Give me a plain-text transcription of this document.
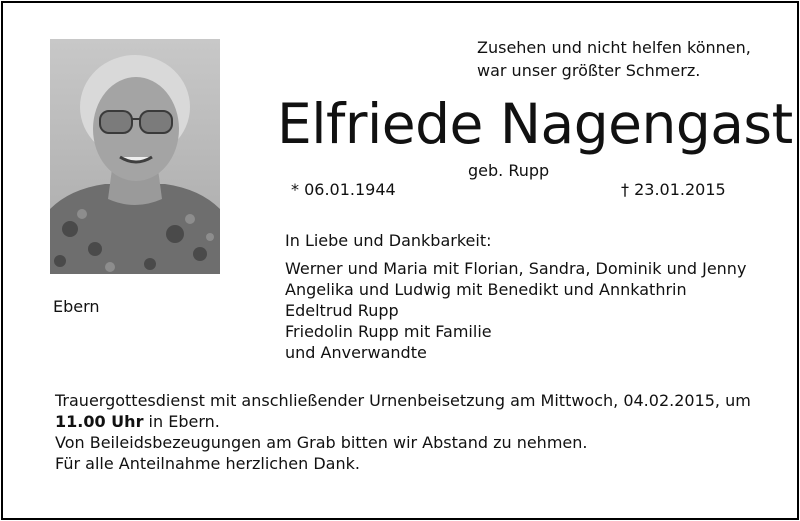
Zusehen und nicht helfen können,
war unser größter Schmerz.
Elfriede Nagengast
geb. Rupp
* 06.01.1944	† 23.01.2015
Ebern
In Liebe und Dankbarkeit:
Werner und Maria mit Florian, Sandra, Dominik und Jenny
Angelika und Ludwig mit Benedikt und Annkathrin
Edeltrud Rupp
Friedolin Rupp mit Familie
und Anverwandte
Trauergottesdienst mit anschließender Urnenbeisetzung am Mittwoch, 04.02.2015, um
11.00 Uhr in Ebern.
Von Beileidsbezeugungen am Grab bitten wir Abstand zu nehmen.
Für alle Anteilnahme herzlichen Dank.
